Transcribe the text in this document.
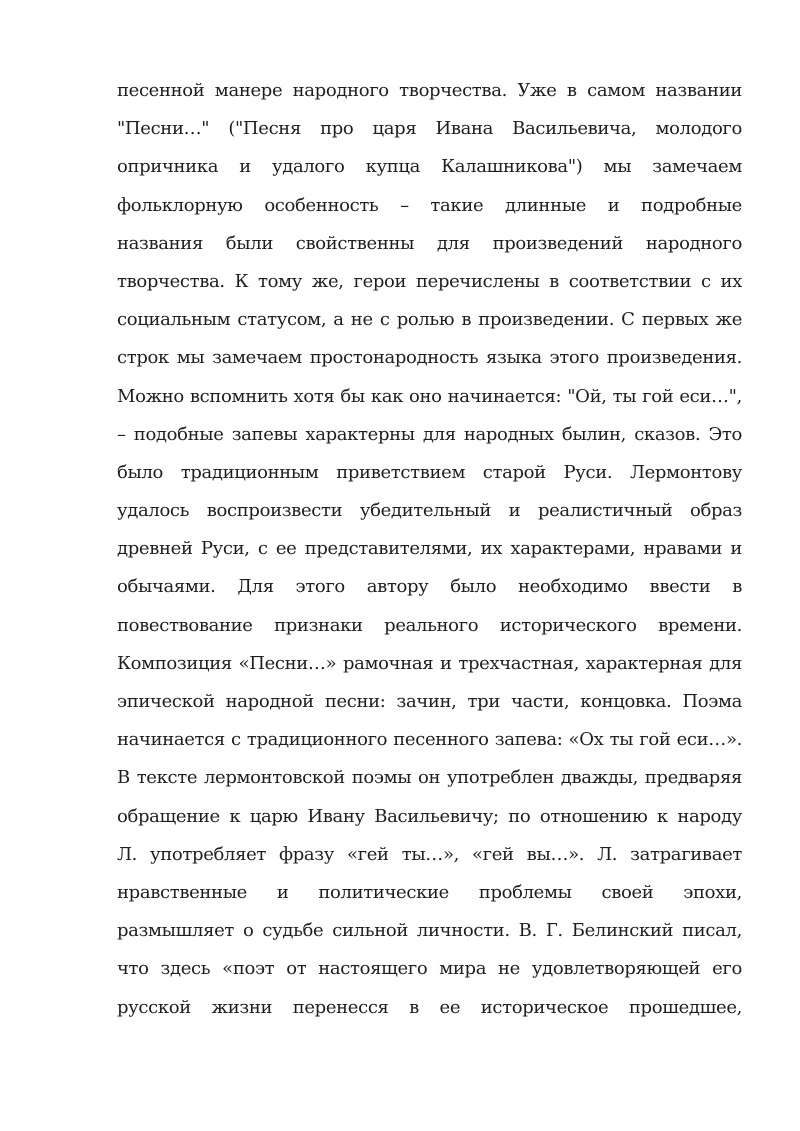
песенной манере народного творчества. Уже в самом названии
"Песни…" ("Песня про царя Ивана Васильевича, молодого
опричника и удалого купца Калашникова") мы замечаем
фольклорную особенность – такие длинные и подробные
названия были свойственны для произведений народного
творчества. К тому же, герои перечислены в соответствии с их
социальным статусом, а не с ролью в произведении. С первых же
строк мы замечаем простонародность языка этого произведения.
Можно вспомнить хотя бы как оно начинается: "Ой, ты гой еси…",
– подобные запевы характерны для народных былин, сказов. Это
было традиционным приветствием старой Руси. Лермонтову
удалось воспроизвести убедительный и реалистичный образ
древней Руси, с ее представителями, их характерами, нравами и
обычаями. Для этого автору было необходимо ввести в
повествование признаки реального исторического времени.
Композиция «Песни…» рамочная и трехчастная, характерная для
эпической народной песни: зачин, три части, концовка. Поэма
начинается с традиционного песенного запева: «Ох ты гой еси…».
В тексте лермонтовской поэмы он употреблен дважды, предваряя
обращение к царю Ивану Васильевичу; по отношению к народу
Л. употребляет фразу «гей ты…», «гей вы…». Л. затрагивает
нравственные и политические проблемы своей эпохи,
размышляет о судьбе сильной личности. В. Г. Белинский писал,
что здесь «поэт от настоящего мира не удовлетворяющей его
русской жизни перенесся в ее историческое прошедшее,
